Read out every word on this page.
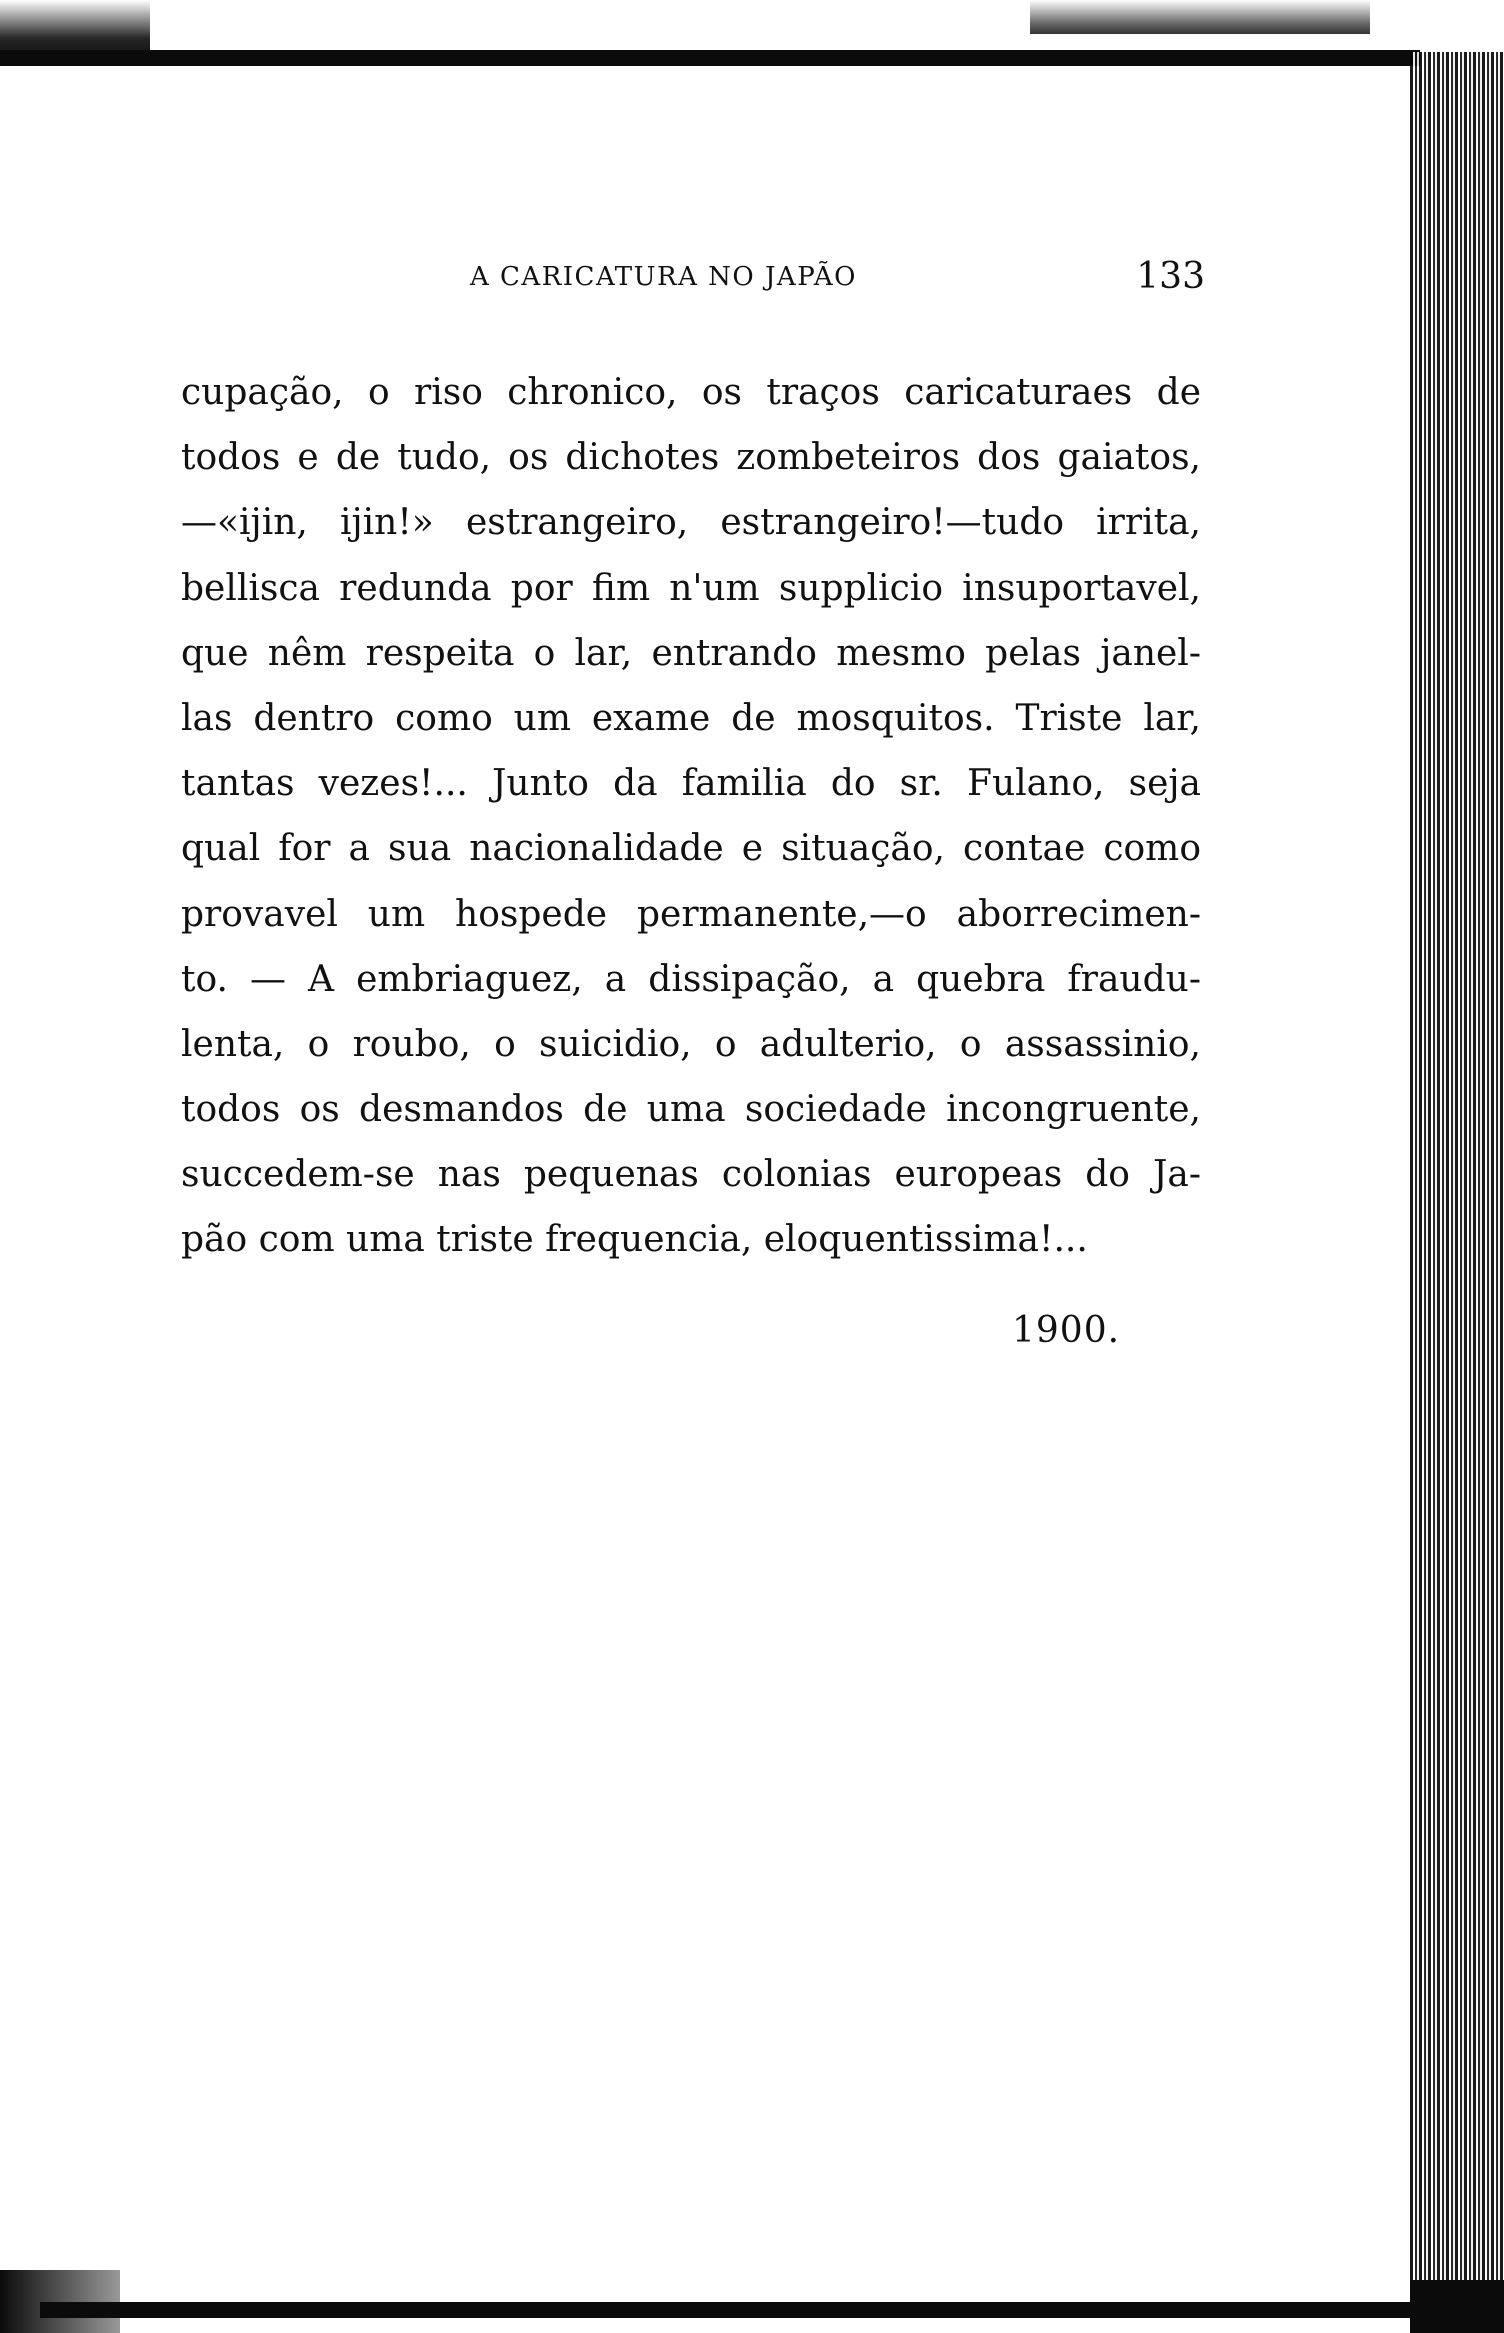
A CARICATURA NO JAPÃO	133
cupação, o riso chronico, os traços caricaturaes de
todos e de tudo, os dichotes zombeteiros dos gaiatos,
—«ijin, ijin!» estrangeiro, estrangeiro!—tudo irrita,
bellisca redunda por fim n'um supplicio insuportavel,
que nêm respeita o lar, entrando mesmo pelas janel-
las dentro como um exame de mosquitos. Triste lar,
tantas vezes!... Junto da familia do sr. Fulano, seja
qual for a sua nacionalidade e situação, contae como
provavel um hospede permanente,—o aborrecimen-
to. — A embriaguez, a dissipação, a quebra fraudu-
lenta, o roubo, o suicidio, o adulterio, o assassinio,
todos os desmandos de uma sociedade incongruente,
succedem-se nas pequenas colonias europeas do Ja-
pão com uma triste frequencia, eloquentissima!...
1900.
